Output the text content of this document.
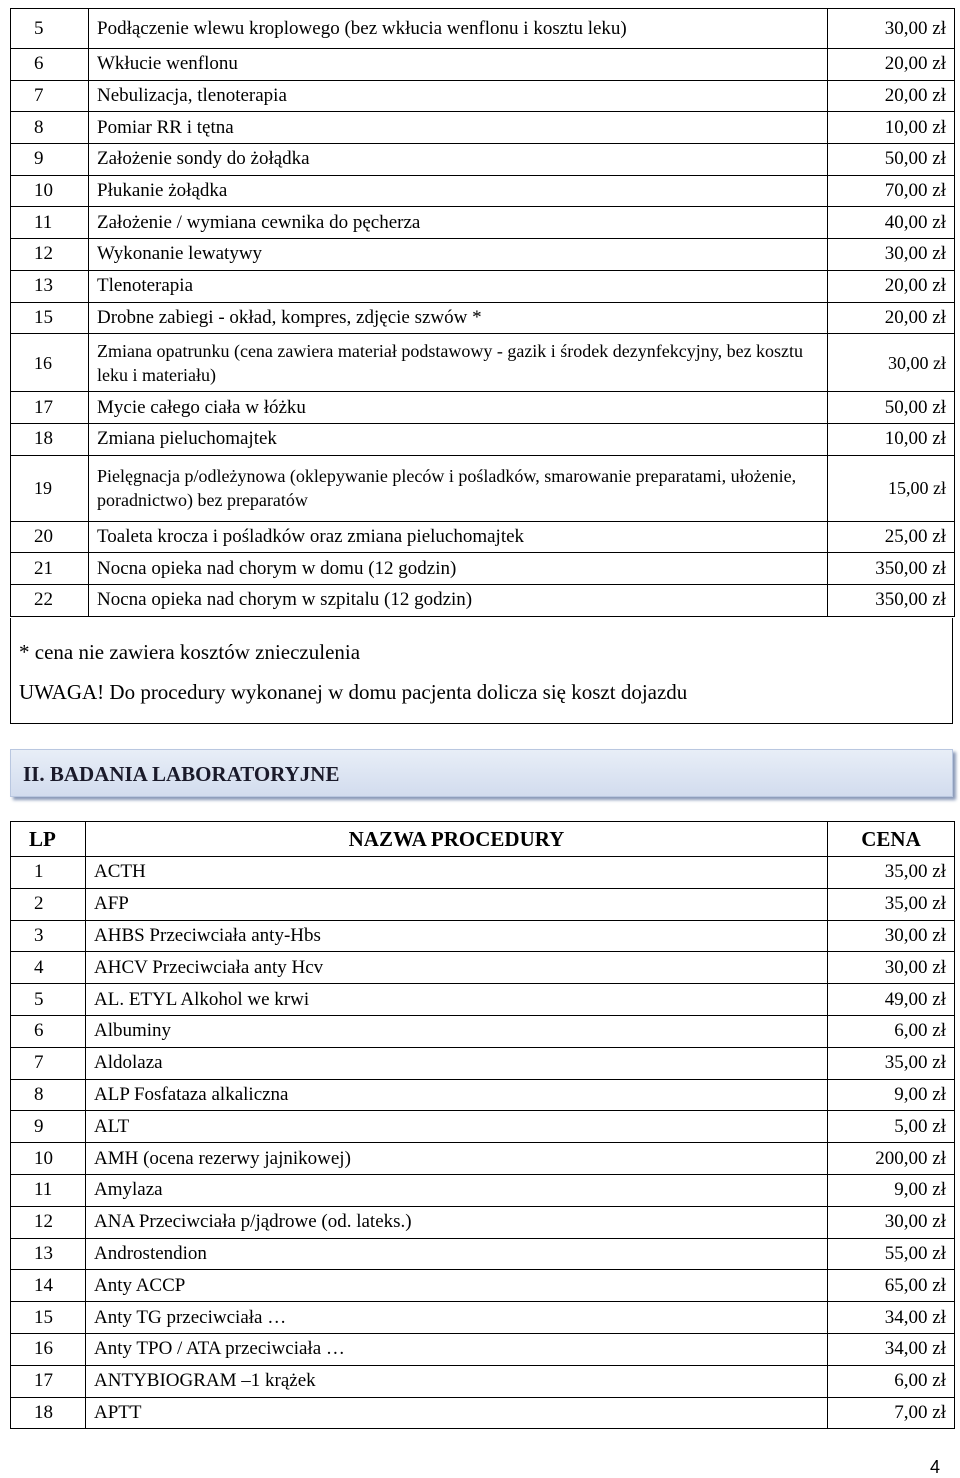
5	Podłączenie wlewu kroplowego (bez wkłucia wenflonu i kosztu leku)	30,00 zł
6	Wkłucie wenflonu	20,00 zł
7	Nebulizacja, tlenoterapia	20,00 zł
8	Pomiar RR i tętna	10,00 zł
9	Założenie sondy do żołądka	50,00 zł
10	Płukanie żołądka	70,00 zł
11	Założenie / wymiana cewnika do pęcherza	40,00 zł
12	Wykonanie lewatywy	30,00 zł
13	Tlenoterapia	20,00 zł
15	Drobne zabiegi - okład, kompres, zdjęcie szwów *	20,00 zł
16	Zmiana opatrunku (cena zawiera materiał podstawowy - gazik i środek dezynfekcyjny, bez kosztu leku i materiału)	30,00 zł
17	Mycie całego ciała w łóżku	50,00 zł
18	Zmiana pieluchomajtek	10,00 zł
19	Pielęgnacja p/odleżynowa (oklepywanie pleców i pośladków, smarowanie preparatami, ułożenie, poradnictwo) bez preparatów	15,00 zł
20	Toaleta krocza i pośladków oraz zmiana pieluchomajtek	25,00 zł
21	Nocna opieka nad chorym w domu (12 godzin)	350,00 zł
22	Nocna opieka nad chorym w szpitalu (12 godzin)	350,00 zł
* cena nie zawiera kosztów znieczulenia
UWAGA! Do procedury wykonanej w domu pacjenta dolicza się koszt dojazdu
II. BADANIA LABORATORYJNE
LP	NAZWA PROCEDURY	CENA
1	ACTH	35,00 zł
2	AFP	35,00 zł
3	AHBS Przeciwciała anty-Hbs	30,00 zł
4	AHCV Przeciwciała anty Hcv	30,00 zł
5	AL. ETYL Alkohol we krwi	49,00 zł
6	Albuminy	6,00 zł
7	Aldolaza	35,00 zł
8	ALP Fosfataza alkaliczna	9,00 zł
9	ALT	5,00 zł
10	AMH (ocena rezerwy jajnikowej)	200,00 zł
11	Amylaza	9,00 zł
12	ANA Przeciwciała p/jądrowe (od. lateks.)	30,00 zł
13	Androstendion	55,00 zł
14	Anty ACCP	65,00 zł
15	Anty TG przeciwciała …	34,00 zł
16	Anty TPO / ATA przeciwciała …	34,00 zł
17	ANTYBIOGRAM –1 krążek	6,00 zł
18	APTT	7,00 zł
4
